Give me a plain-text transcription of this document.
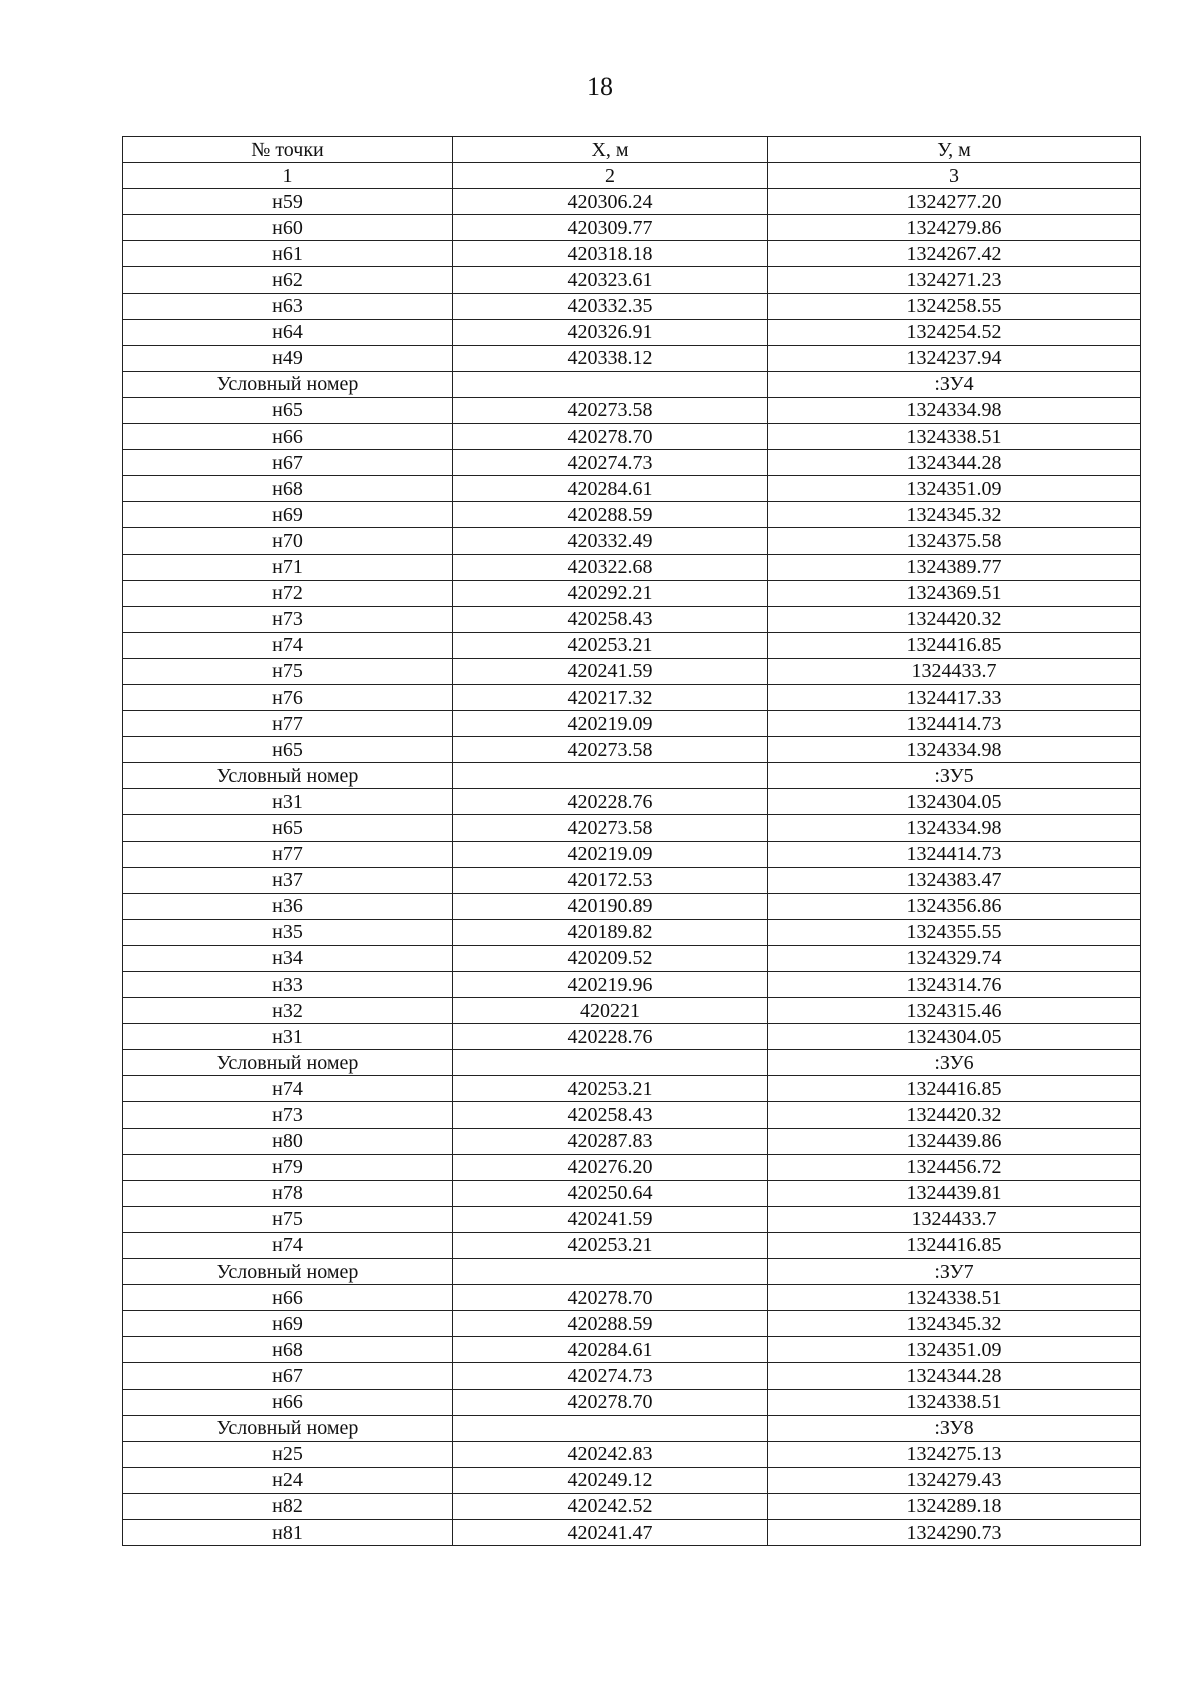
18
№ точки	Х, м	У, м
1	2	3
н59	420306.24	1324277.20
н60	420309.77	1324279.86
н61	420318.18	1324267.42
н62	420323.61	1324271.23
н63	420332.35	1324258.55
н64	420326.91	1324254.52
н49	420338.12	1324237.94
Условный номер		:ЗУ4
н65	420273.58	1324334.98
н66	420278.70	1324338.51
н67	420274.73	1324344.28
н68	420284.61	1324351.09
н69	420288.59	1324345.32
н70	420332.49	1324375.58
н71	420322.68	1324389.77
н72	420292.21	1324369.51
н73	420258.43	1324420.32
н74	420253.21	1324416.85
н75	420241.59	1324433.7
н76	420217.32	1324417.33
н77	420219.09	1324414.73
н65	420273.58	1324334.98
Условный номер		:ЗУ5
н31	420228.76	1324304.05
н65	420273.58	1324334.98
н77	420219.09	1324414.73
н37	420172.53	1324383.47
н36	420190.89	1324356.86
н35	420189.82	1324355.55
н34	420209.52	1324329.74
н33	420219.96	1324314.76
н32	420221	1324315.46
н31	420228.76	1324304.05
Условный номер		:ЗУ6
н74	420253.21	1324416.85
н73	420258.43	1324420.32
н80	420287.83	1324439.86
н79	420276.20	1324456.72
н78	420250.64	1324439.81
н75	420241.59	1324433.7
н74	420253.21	1324416.85
Условный номер		:ЗУ7
н66	420278.70	1324338.51
н69	420288.59	1324345.32
н68	420284.61	1324351.09
н67	420274.73	1324344.28
н66	420278.70	1324338.51
Условный номер		:ЗУ8
н25	420242.83	1324275.13
н24	420249.12	1324279.43
н82	420242.52	1324289.18
н81	420241.47	1324290.73
